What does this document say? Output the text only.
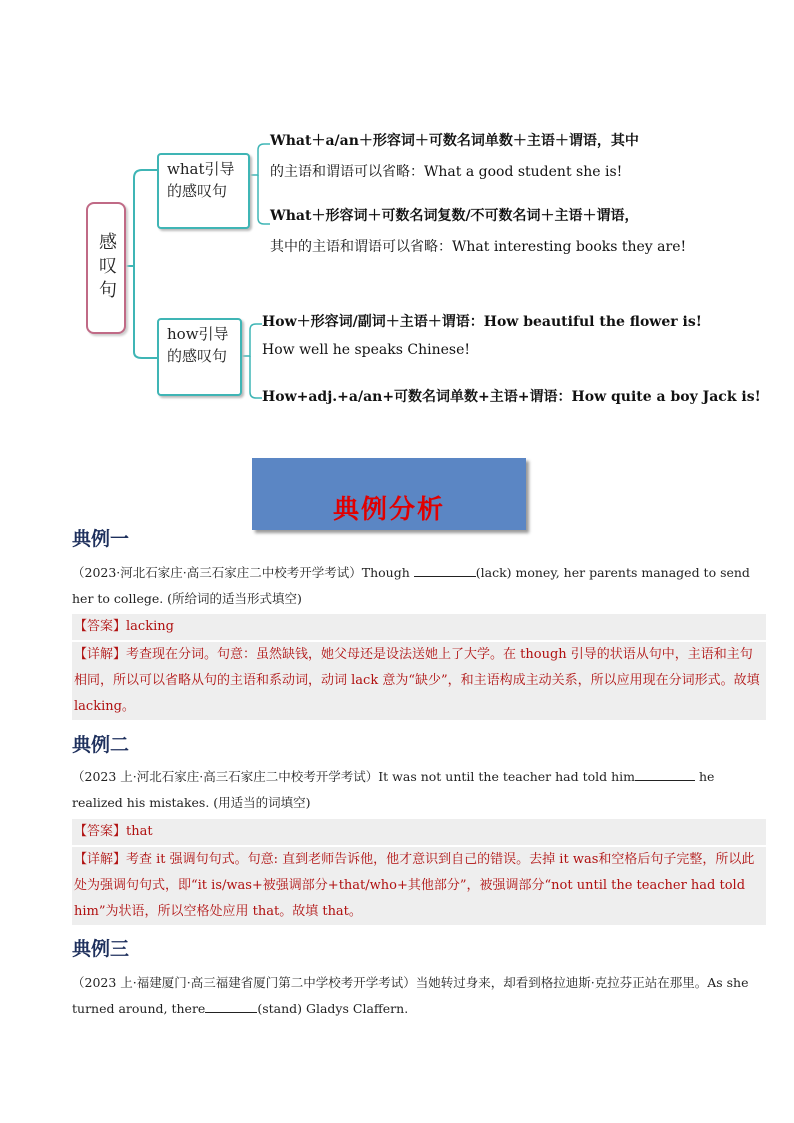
感叹句
what引导的感叹句
how引导的感叹句
What＋a/an＋形容词＋可数名词单数＋主语＋谓语，其中
的主语和谓语可以省略：What a good student she is!
What＋形容词＋可数名词复数/不可数名词＋主语＋谓语，
其中的主语和谓语可以省略：What interesting books they are!
How＋形容词/副词＋主语＋谓语：How beautiful the flower is!
How well he speaks Chinese!
How+adj.+a/an+可数名词单数+主语+谓语：How quite a boy Jack is!
典例分析
典例一
（2023·河北石家庄·高三石家庄二中校考开学考试）Though	(lack) money, her parents managed to send her to college. (所给词的适当形式填空)
【答案】lacking
【详解】考查现在分词。句意：虽然缺钱，她父母还是设法送她上了大学。在 though 引导的状语从句中，主语和主句相同，所以可以省略从句的主语和系动词，动词 lack 意为“缺少”，和主语构成主动关系，所以应用现在分词形式。故填 lacking。
典例二
（2023 上·河北石家庄·高三石家庄二中校考开学考试）It was not until the teacher had told him	he realized his mistakes. (用适当的词填空)
【答案】that
【详解】考查 it 强调句句式。句意: 直到老师告诉他，他才意识到自己的错误。去掉 it was和空格后句子完整，所以此处为强调句句式，即“it is/was+被强调部分+that/who+其他部分”，被强调部分“not until the teacher had told him”为状语，所以空格处应用 that。故填 that。
典例三
（2023 上·福建厦门·高三福建省厦门第二中学校考开学考试）当她转过身来，却看到格拉迪斯·克拉芬正站在那里。As she turned around, there	(stand) Gladys Claffern.
